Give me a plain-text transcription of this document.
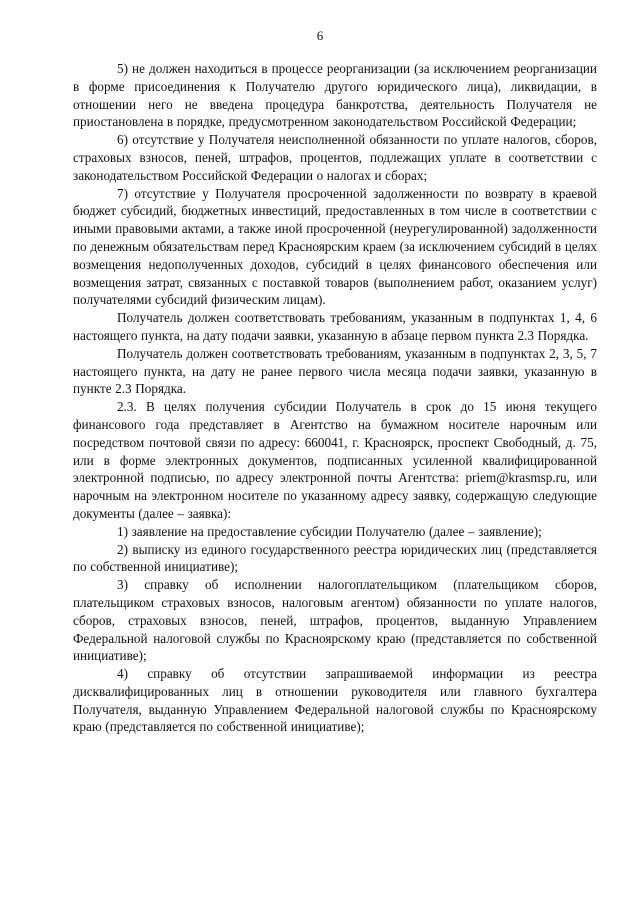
6

5) не должен находиться в процессе реорганизации (за исключением реорганизации в форме присоединения к Получателю другого юридического лица), ликвидации, в отношении него не введена процедура банкротства, деятельность Получателя не приостановлена в порядке, предусмотренном законодательством Российской Федерации;

6) отсутствие у Получателя неисполненной обязанности по уплате налогов, сборов, страховых взносов, пеней, штрафов, процентов, подлежащих уплате в соответствии с законодательством Российской Федерации о налогах и сборах;

7) отсутствие у Получателя просроченной задолженности по возврату в краевой бюджет субсидий, бюджетных инвестиций, предоставленных в том числе в соответствии с иными правовыми актами, а также иной просроченной (неурегулированной) задолженности по денежным обязательствам перед Красноярским краем (за исключением субсидий в целях возмещения недополученных доходов, субсидий в целях финансового обеспечения или возмещения затрат, связанных с поставкой товаров (выполнением работ, оказанием услуг) получателями субсидий физическим лицам).

Получатель должен соответствовать требованиям, указанным в подпунктах 1, 4, 6 настоящего пункта, на дату подачи заявки, указанную в абзаце первом пункта 2.3 Порядка.

Получатель должен соответствовать требованиям, указанным в подпунктах 2, 3, 5, 7 настоящего пункта, на дату не ранее первого числа месяца подачи заявки, указанную в пункте 2.3 Порядка.

2.3. В целях получения субсидии Получатель в срок до 15 июня текущего финансового года представляет в Агентство на бумажном носителе нарочным или посредством почтовой связи по адресу: 660041, г. Красноярск, проспект Свободный, д. 75, или в форме электронных документов, подписанных усиленной квалифицированной электронной подписью, по адресу электронной почты Агентства: priem@krasmsp.ru, или нарочным на электронном носителе по указанному адресу заявку, содержащую следующие документы (далее – заявка):

1) заявление на предоставление субсидии Получателю (далее – заявление);

2) выписку из единого государственного реестра юридических лиц (представляется по собственной инициативе);

3) справку об исполнении налогоплательщиком (плательщиком сборов, плательщиком страховых взносов, налоговым агентом) обязанности по уплате налогов, сборов, страховых взносов, пеней, штрафов, процентов, выданную Управлением Федеральной налоговой службы по Красноярскому краю (представляется по собственной инициативе);

4) справку об отсутствии запрашиваемой информации из реестра дисквалифицированных лиц в отношении руководителя или главного бухгалтера Получателя, выданную Управлением Федеральной налоговой службы по Красноярскому краю (представляется по собственной инициативе);
